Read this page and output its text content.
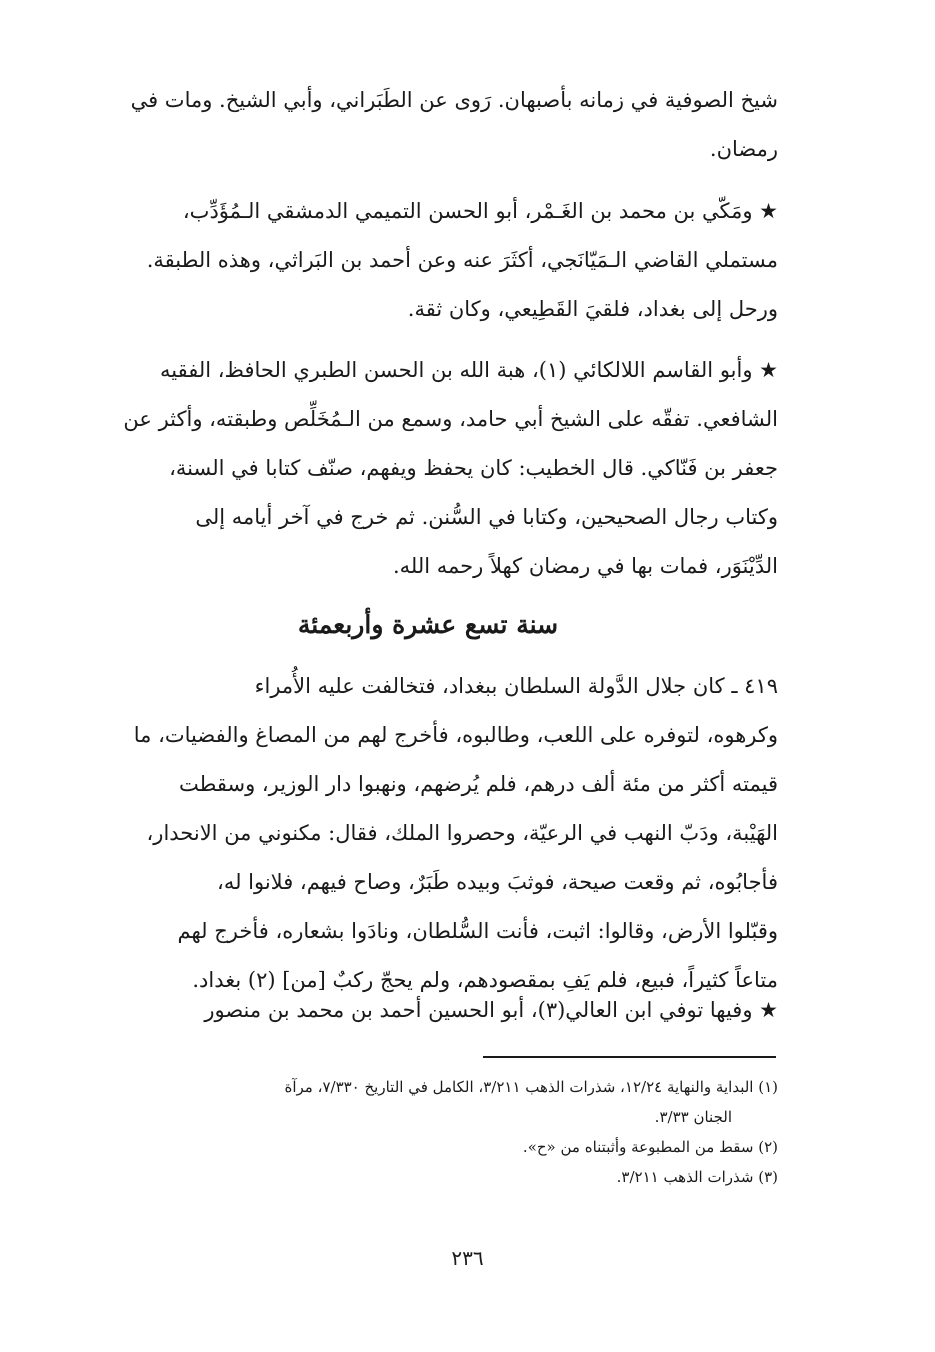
شيخ الصوفية في زمانه بأصبهان. رَوى عن الطَبَراني، وأبي الشيخ. ومات في
رمضان.

★ ومَكّي بن محمد بن الغَـمْر، أبو الحسن التميمي الدمشقي الـمُؤَدِّب،
مستملي القاضي الـمَيّانَجي، أكثَرَ عنه وعن أحمد بن البَراثي، وهذه الطبقة.
ورحل إلى بغداد، فلقيَ القَطِيعي، وكان ثقة.

★ وأبو القاسم اللالكائي (١)، هبة الله بن الحسن الطبري الحافظ، الفقيه
الشافعي. تفقّه على الشيخ أبي حامد، وسمع من الـمُخَلِّص وطبقته، وأكثر عن
جعفر بن فَنّاكي. قال الخطيب: كان يحفظ ويفهم، صنّف كتابا في السنة،
وكتاب رجال الصحيحين، وكتابا في السُّنن. ثم خرج في آخر أيامه إلى
الدِّيْنَوَر، فمات بها في رمضان كهلاً رحمه الله.

سنة تسع عشرة وأربعمئة

٤١٩ ـ كان جلال الدَّولة السلطان ببغداد، فتخالفت عليه الأُمراء
وكرهوه، لتوفره على اللعب، وطالبوه، فأخرج لهم من المصاغ والفضيات، ما
قيمته أكثر من مئة ألف درهم، فلم يُرضهم، ونهبوا دار الوزير، وسقطت
الهَيْبة، ودَبّ النهب في الرعيّة، وحصروا الملك، فقال: مكنوني من الانحدار،
فأجابُوه، ثم وقعت صيحة، فوثبَ وبيده طَبَرٌ، وصاح فيهم، فلانوا له،
وقبّلوا الأرض، وقالوا: اثبت، فأنت السُّلطان، ونادَوا بشعاره، فأخرج لهم
متاعاً كثيراً، فبيع، فلم يَفِ بمقصودهم، ولم يحجّ ركبٌ [من] (٢) بغداد.

★ وفيها توفي ابن العالي(٣)، أبو الحسين أحمد بن محمد بن منصور

(١) البداية والنهاية ١٢/٢٤، شذرات الذهب ٣/٢١١، الكامل في التاريخ ٧/٣٣٠، مرآة
الجنان ٣/٣٣.
(٢) سقط من المطبوعة وأثبتناه من «ح».
(٣) شذرات الذهب ٣/٢١١.
٢٣٦
